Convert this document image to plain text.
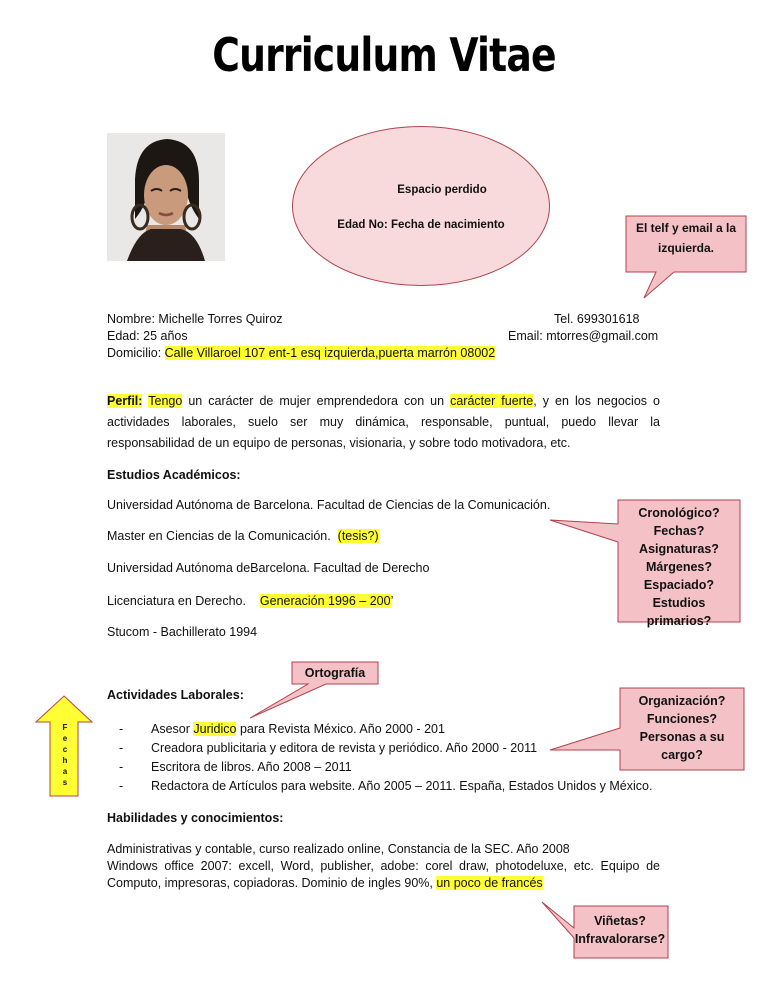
Curriculum Vitae
Espacio perdido
Edad No: Fecha de nacimiento	El telf y email a la izquierda.
Nombre: Michelle Torres Quiroz	Tel. 699301618
Edad: 25 años	Email: mtorres@gmail.com
Domicilio: Calle Villaroel 107 ent-1 esq izquierda,puerta marrón 08002
Perfil: Tengo un carácter de mujer emprendedora con un carácter fuerte, y en los negocios o actividades laborales, suelo ser muy dinámica, responsable, puntual, puedo llevar la responsabilidad de un equipo de personas, visionaria, y sobre todo motivadora, etc.
Estudios Académicos:
Universidad Autónoma de Barcelona. Facultad de Ciencias de la Comunicación.
Master en Ciencias de la Comunicación. (tesis?)
Universidad Autónoma deBarcelona. Facultad de Derecho
Licenciatura en Derecho. Generación 1996 – 200’
Stucom - Bachillerato 1994
Cronológico? Fechas? Asignaturas? Márgenes? Espaciado? Estudios primarios?
Ortografía
Actividades Laborales:
- Asesor Juridico para Revista México. Año 2000 - 201
- Creadora publicitaria y editora de revista y periódico. Año 2000 - 2011
- Escritora de libros. Año 2008 – 2011
- Redactora de Artículos para website. Año 2005 – 2011. España, Estados Unidos y México.
Organización? Funciones? Personas a su cargo?
F
e
c
h
a
s
Habilidades y conocimientos:
Administrativas y contable, curso realizado online, Constancia de la SEC. Año 2008
Windows office 2007: excell, Word, publisher, adobe: corel draw, photodeluxe, etc. Equipo de Computo, impresoras, copiadoras. Dominio de ingles 90%, un poco de francés
Viñetas? Infravalorarse?
